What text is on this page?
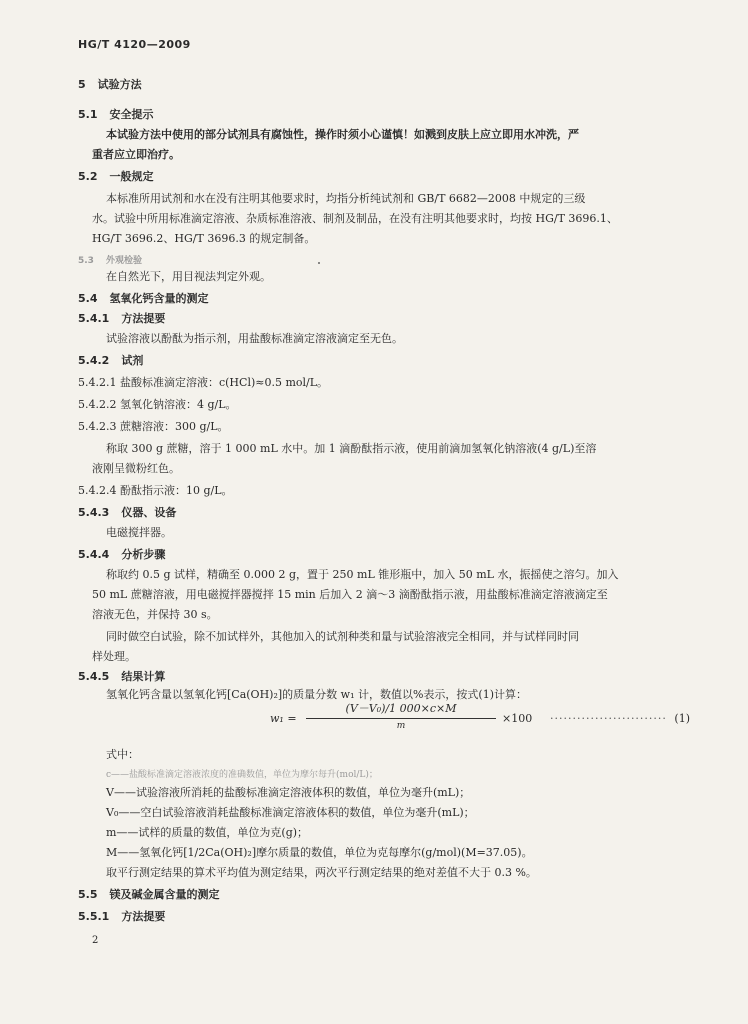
HG/T 4120—2009
5 试验方法
5.1 安全提示
本试验方法中使用的部分试剂具有腐蚀性，操作时须小心谨慎！如溅到皮肤上应立即用水冲洗，严
重者应立即治疗。
5.2 一般规定
本标准所用试剂和水在没有注明其他要求时，均指分析纯试剂和 GB/T 6682—2008 中规定的三级
水。试验中所用标准滴定溶液、杂质标准溶液、制剂及制品，在没有注明其他要求时，均按 HG/T 3696.1、
HG/T 3696.2、HG/T 3696.3 的规定制备。
5.3 外观检验
在自然光下，用目视法判定外观。
5.4 氢氧化钙含量的测定
5.4.1 方法提要
试验溶液以酚酞为指示剂，用盐酸标准滴定溶液滴定至无色。
5.4.2 试剂
5.4.2.1 盐酸标准滴定溶液：c(HCl)≈0.5 mol/L。
5.4.2.2 氢氧化钠溶液：4 g/L。
5.4.2.3 蔗糖溶液：300 g/L。
称取 300 g 蔗糖，溶于 1 000 mL 水中。加 1 滴酚酞指示液，使用前滴加氢氧化钠溶液(4 g/L)至溶
液刚呈微粉红色。
5.4.2.4 酚酞指示液：10 g/L。
5.4.3 仪器、设备
电磁搅拌器。
5.4.4 分析步骤
称取约 0.5 g 试样，精确至 0.000 2 g，置于 250 mL 锥形瓶中，加入 50 mL 水，振摇使之溶匀。加入
50 mL 蔗糖溶液，用电磁搅拌器搅拌 15 min 后加入 2 滴～3 滴酚酞指示液，用盐酸标准滴定溶液滴定至
溶液无色，并保持 30 s。
同时做空白试验，除不加试样外，其他加入的试剂种类和量与试验溶液完全相同，并与试样同时同
样处理。
5.4.5 结果计算
氢氧化钙含量以氢氧化钙[Ca(OH)₂]的质量分数 w₁ 计，数值以%表示，按式(1)计算：
w₁ =
(V－V₀)/1 000×c×M
m
×100 ·························· (1)
式中：
c——盐酸标准滴定溶液浓度的准确数值，单位为摩尔每升(mol/L)；
V——试验溶液所消耗的盐酸标准滴定溶液体积的数值，单位为毫升(mL)；
V₀——空白试验溶液消耗盐酸标准滴定溶液体积的数值，单位为毫升(mL)；
m——试样的质量的数值，单位为克(g)；
M——氢氧化钙[1/2Ca(OH)₂]摩尔质量的数值，单位为克每摩尔(g/mol)(M=37.05)。
取平行测定结果的算术平均值为测定结果，两次平行测定结果的绝对差值不大于 0.3 %。
5.5 镁及碱金属含量的测定
5.5.1 方法提要
2
